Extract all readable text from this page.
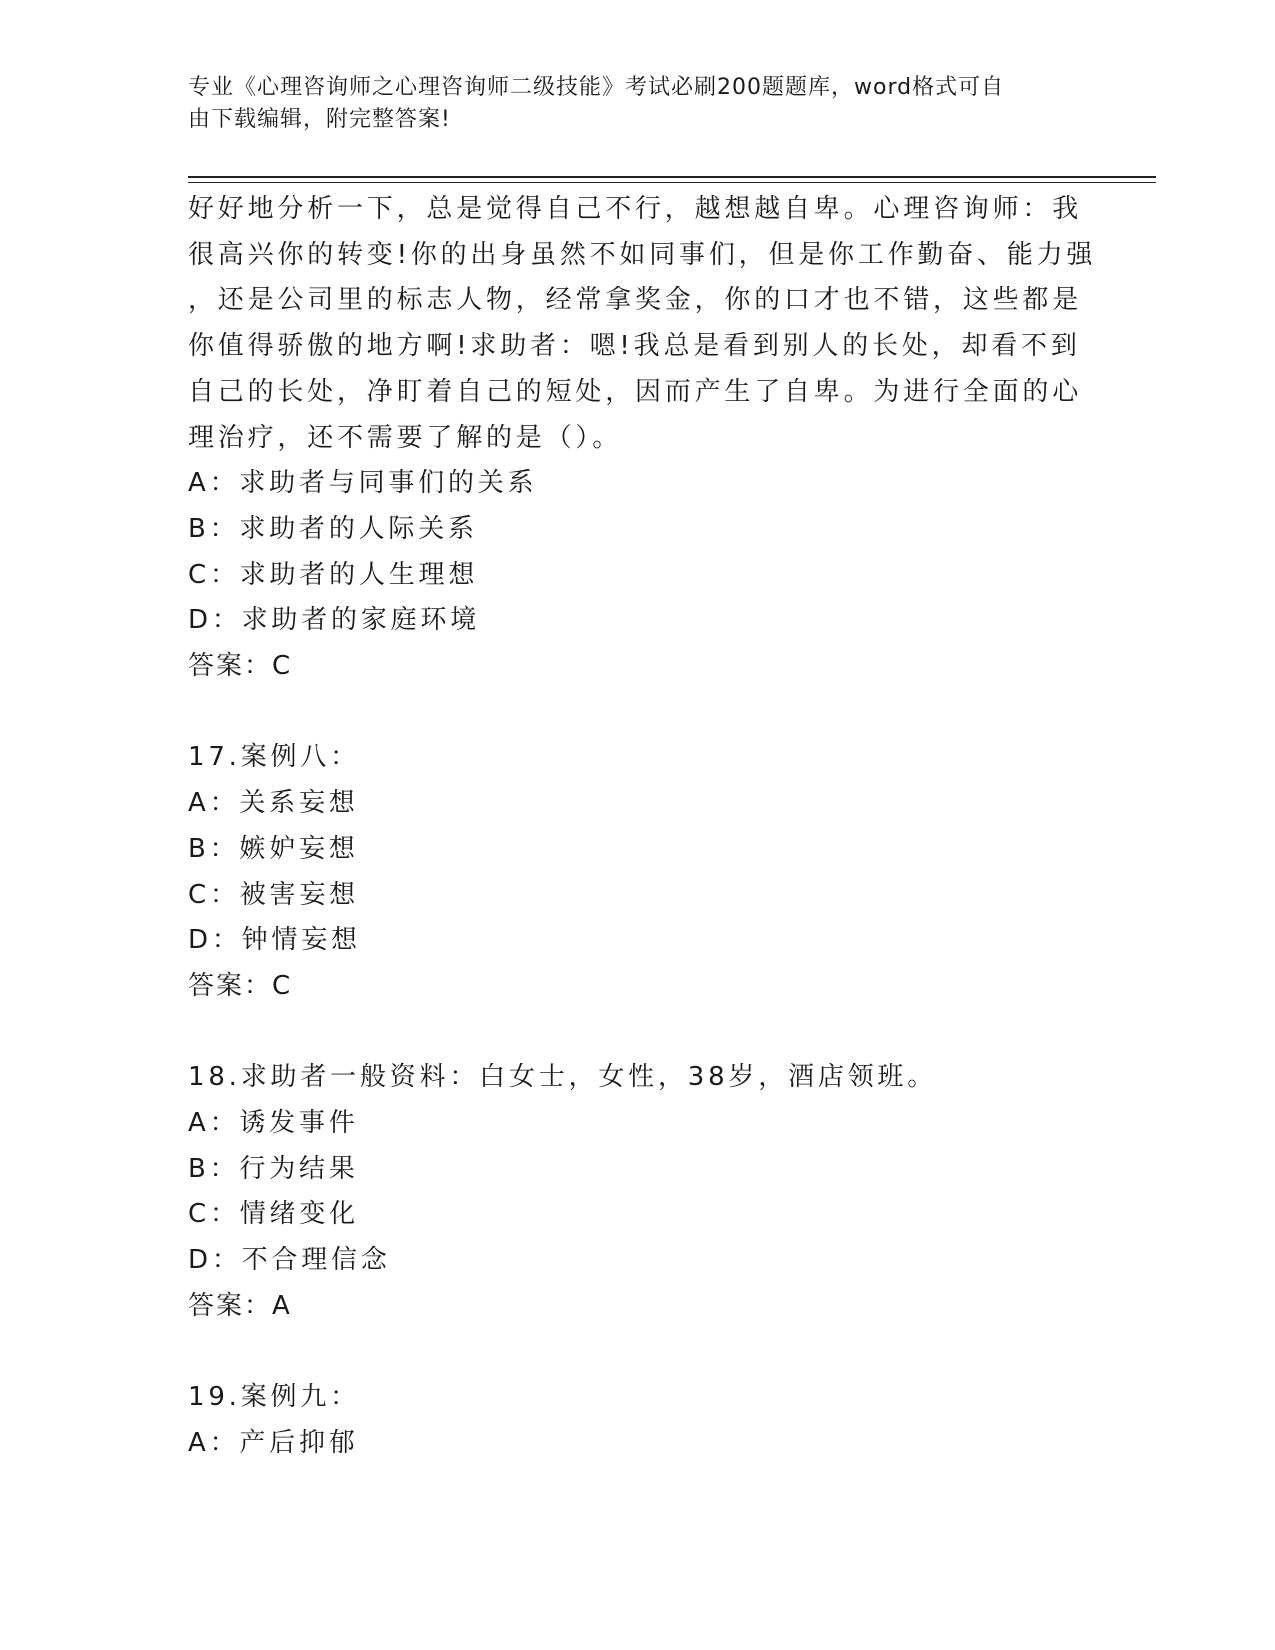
专业《心理咨询师之心理咨询师二级技能》考试必刷200题题库，word格式可自
由下载编辑，附完整答案!

好好地分析一下，总是觉得自己不行，越想越自卑。心理咨询师：我

很高兴你的转变!你的出身虽然不如同事们，但是你工作勤奋、能力强

，还是公司里的标志人物，经常拿奖金，你的口才也不错，这些都是

你值得骄傲的地方啊!求助者：嗯!我总是看到别人的长处，却看不到

自己的长处，净盯着自己的短处，因而产生了自卑。为进行全面的心

理治疗，还不需要了解的是（）。

A：求助者与同事们的关系

B：求助者的人际关系

C：求助者的人生理想

D：求助者的家庭环境

答案：C

17.案例八：

A：关系妄想

B：嫉妒妄想

C：被害妄想

D：钟情妄想

答案：C

18.求助者一般资料：白女士，女性，38岁，酒店领班。

A：诱发事件

B：行为结果

C：情绪变化

D：不合理信念

答案：A

19.案例九：

A：产后抑郁
